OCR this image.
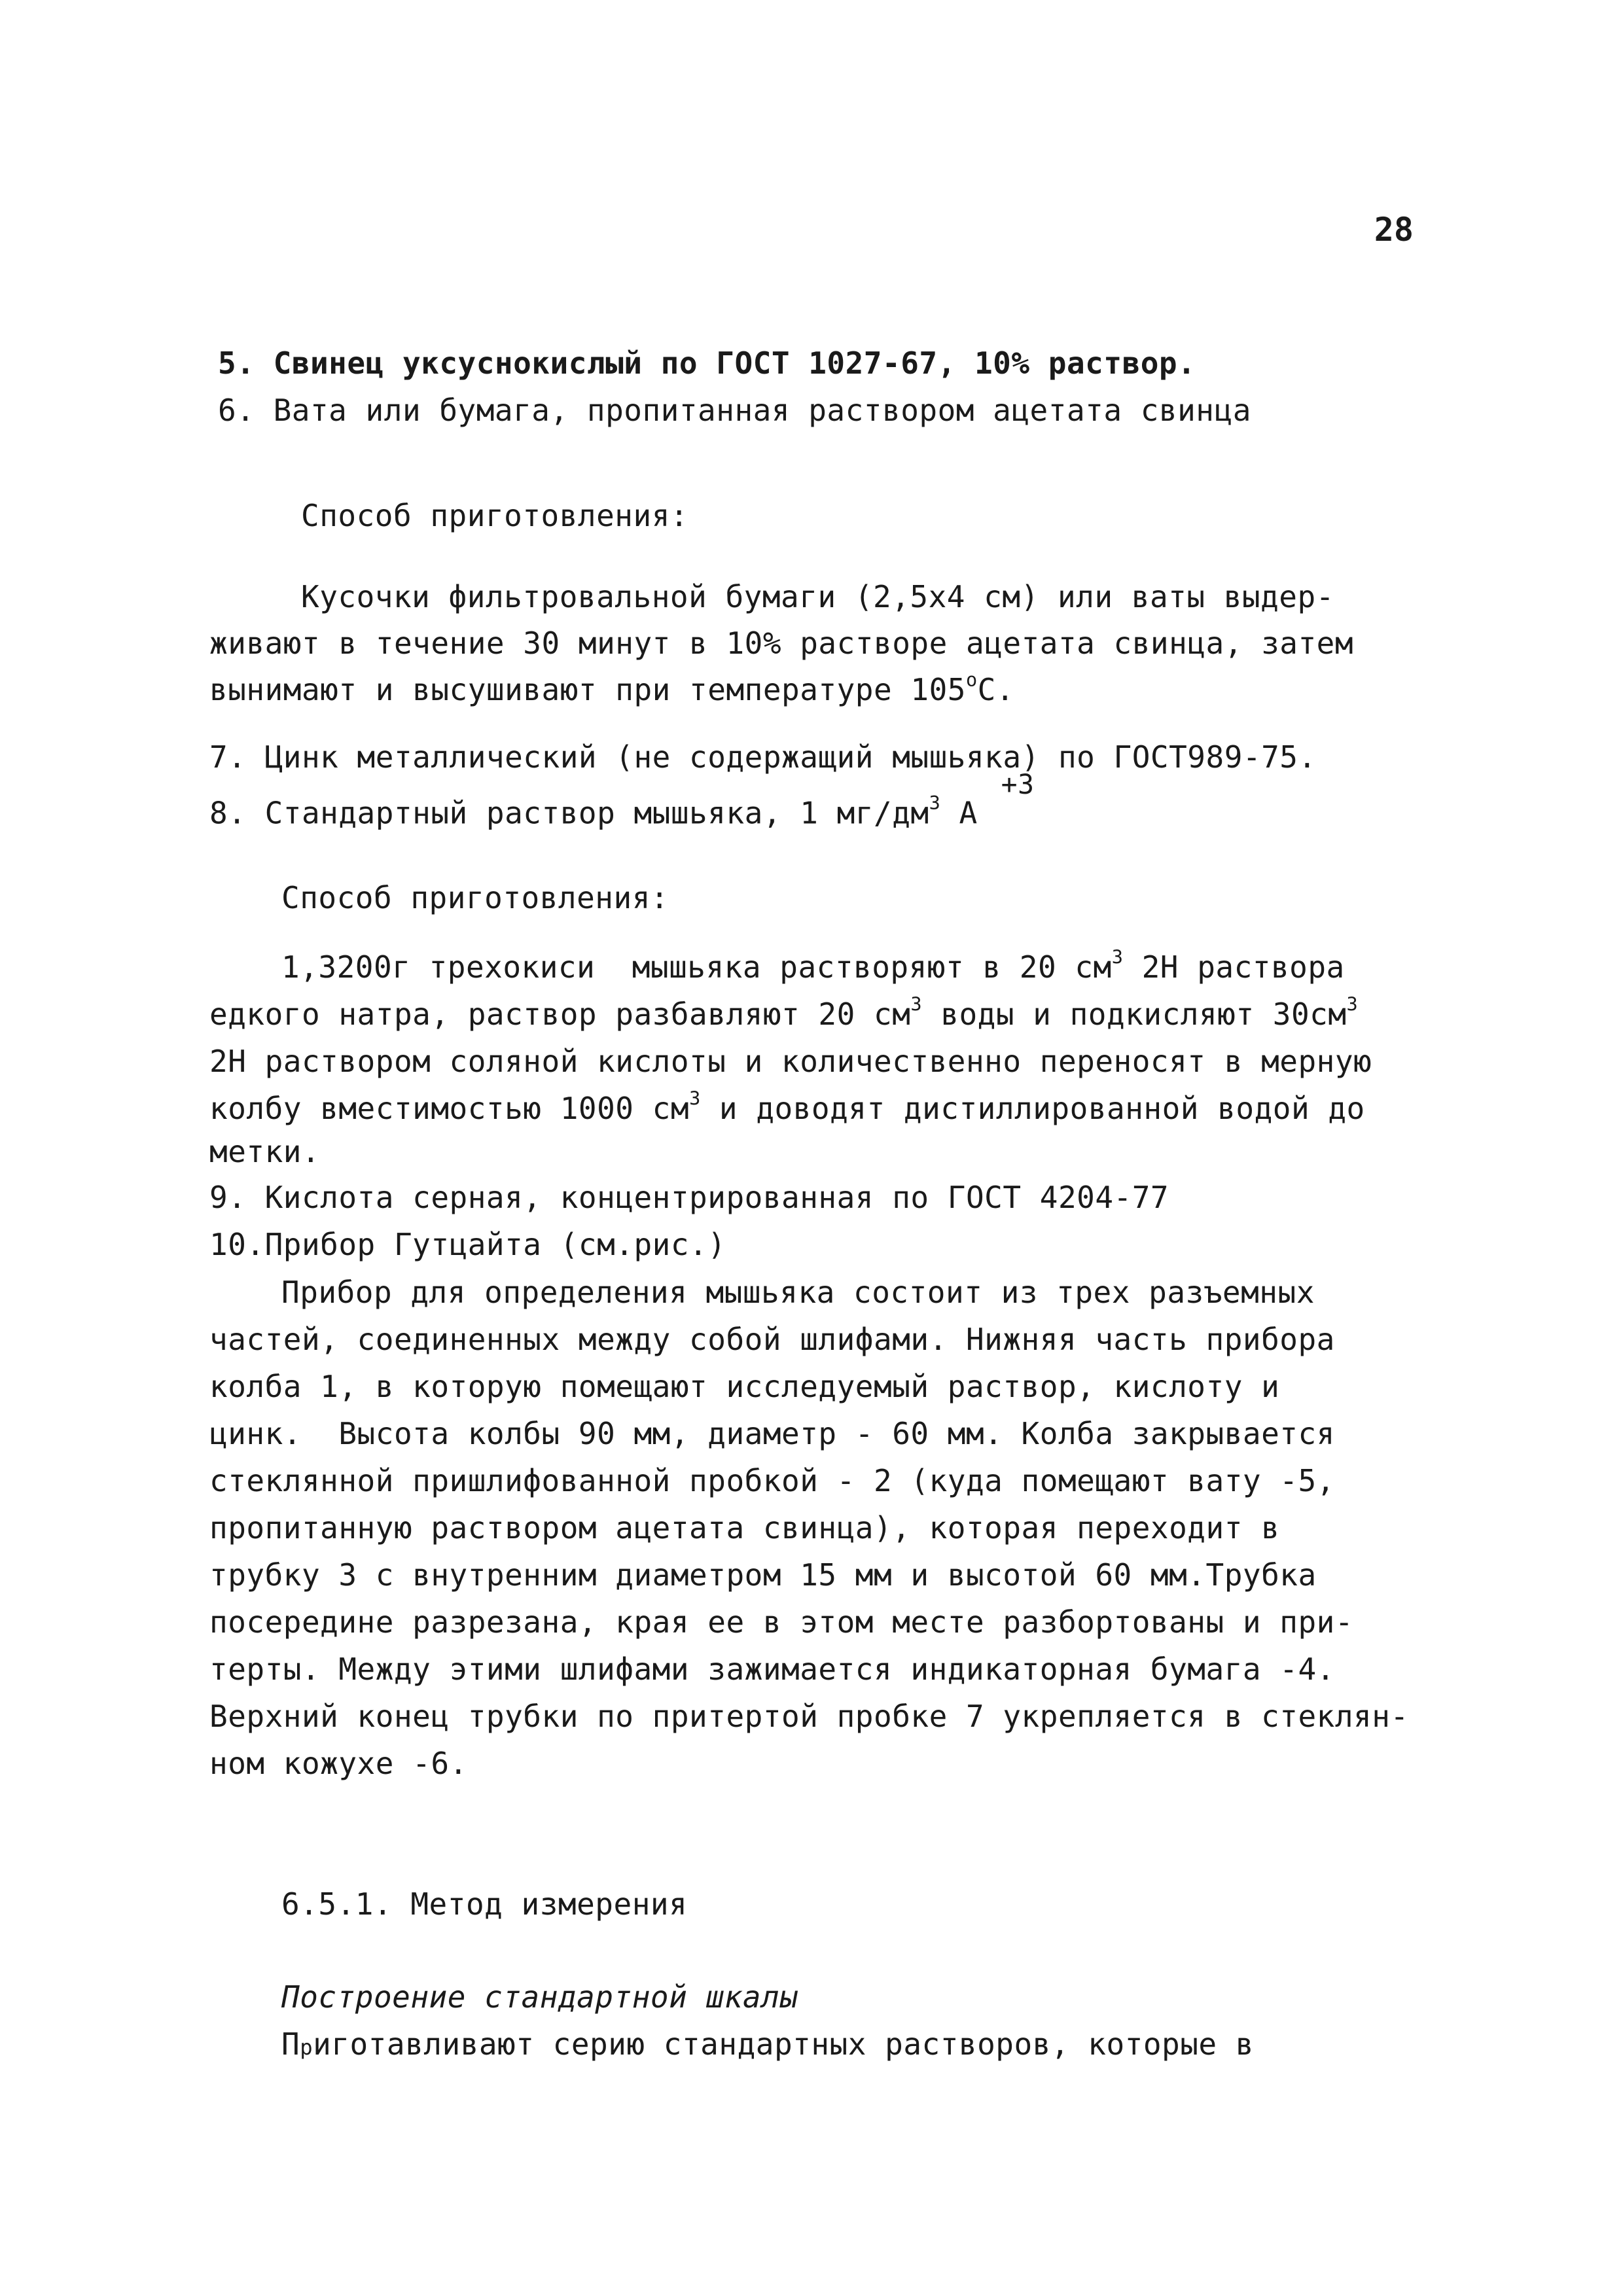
28
5. Свинец уксуснокислый по ГОСТ 1027-67, 10% раствор.
6. Вата или бумага, пропитанная раствором ацетата свинца
Способ приготовления:
Кусочки фильтровальной бумаги (2,5х4 см) или ваты выдер-
живают в течение 30 минут в 10% растворе ацетата свинца, затем
вынимают и высушивают при температуре 105$^o$С.
7. Цинк металлический (не содержащий мышьяка) по ГОСТ989-75.
8. Стандартный раствор мышьяка, 1 $мг/дм^3$ $А^{+3}$
Способ приготовления:
1,3200г трехокиси  мышьяка растворяют в 20 $см^3$ 2Н раствора
едкого натра, раствор разбавляют 20 $см^3$ воды и подкисляют $30см^3$
2Н раствором соляной кислоты и количественно переносят в мерную
колбу вместимостью 1000 $см^3$ и доводят дистиллированной водой до
метки.
9. Кислота серная, концентрированная по ГОСТ 4204-77
10.Прибор Гутцайта (см.рис.)
Прибор для определения мышьяка состоит из трех разъемных
частей, соединенных между собой шлифами. Нижняя часть прибора
колба 1, в которую помещают исследуемый раствор, кислоту и
цинк.  Высота колбы 90 мм, диаметр - 60 мм. Колба закрывается
стеклянной пришлифованной пробкой - 2 (куда помещают вату -5,
пропитанную раствором ацетата свинца), которая переходит в
трубку 3 с внутренним диаметром 15 мм и высотой 60 мм.Трубка
посередине разрезана, края ее в этом месте разбортованы и при-
терты. Между этими шлифами зажимается индикаторная бумага -4.
Верхний конец трубки по притертой пробке 7 укрепляется в стеклян-
ном кожухе -6.
6.5.1. Метод измерения
Построение стандартной шкалы
Приготавливают серию стандартных растворов, которые в
